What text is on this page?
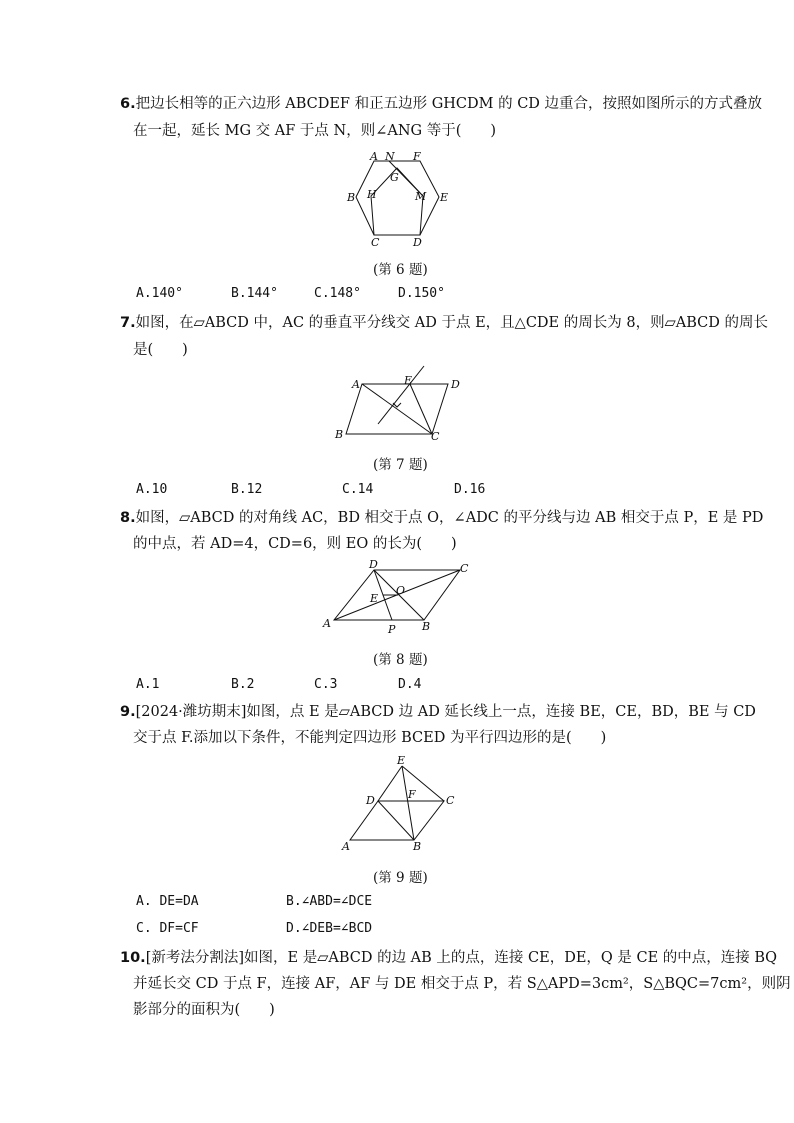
6.把边长相等的正六边形 ABCDEF 和正五边形 GHCDM 的 CD 边重合，按照如图所示的方式叠放
在一起，延长 MG 交 AF 于点 N，则∠ANG 等于(　　)
A N F
G
B H	M E
C	D
(第 6 题)
A.140°	B.144°	C.148°	D.150°
7.如图，在▱ABCD 中，AC 的垂直平分线交 AD 于点 E，且△CDE 的周长为 8，则▱ABCD 的周长
是(　　)
A	E	D
B	C
(第 7 题)
A.10	B.12	C.14	D.16
8.如图，▱ABCD 的对角线 AC，BD 相交于点 O，∠ADC 的平分线与边 AB 相交于点 P，E 是 PD
的中点，若 AD=4，CD=6，则 EO 的长为(　　)
D	C
O
E
A	P B
(第 8 题)
A.1	B.2	C.3	D.4
9.[2024·潍坊期末]如图，点 E 是▱ABCD 边 AD 延长线上一点，连接 BE，CE，BD，BE 与 CD
交于点 F.添加以下条件，不能判定四边形 BCED 为平行四边形的是(　　)
E
D	F	C
A	B
(第 9 题)
A. DE=DA	B.∠ABD=∠DCE
C. DF=CF	D.∠DEB=∠BCD
10.[新考法分割法]如图，E 是▱ABCD 的边 AB 上的点，连接 CE，DE，Q 是 CE 的中点，连接 BQ
并延长交 CD 于点 F，连接 AF，AF 与 DE 相交于点 P，若 S△APD=3cm²，S△BQC=7cm²，则阴
影部分的面积为(　　)
